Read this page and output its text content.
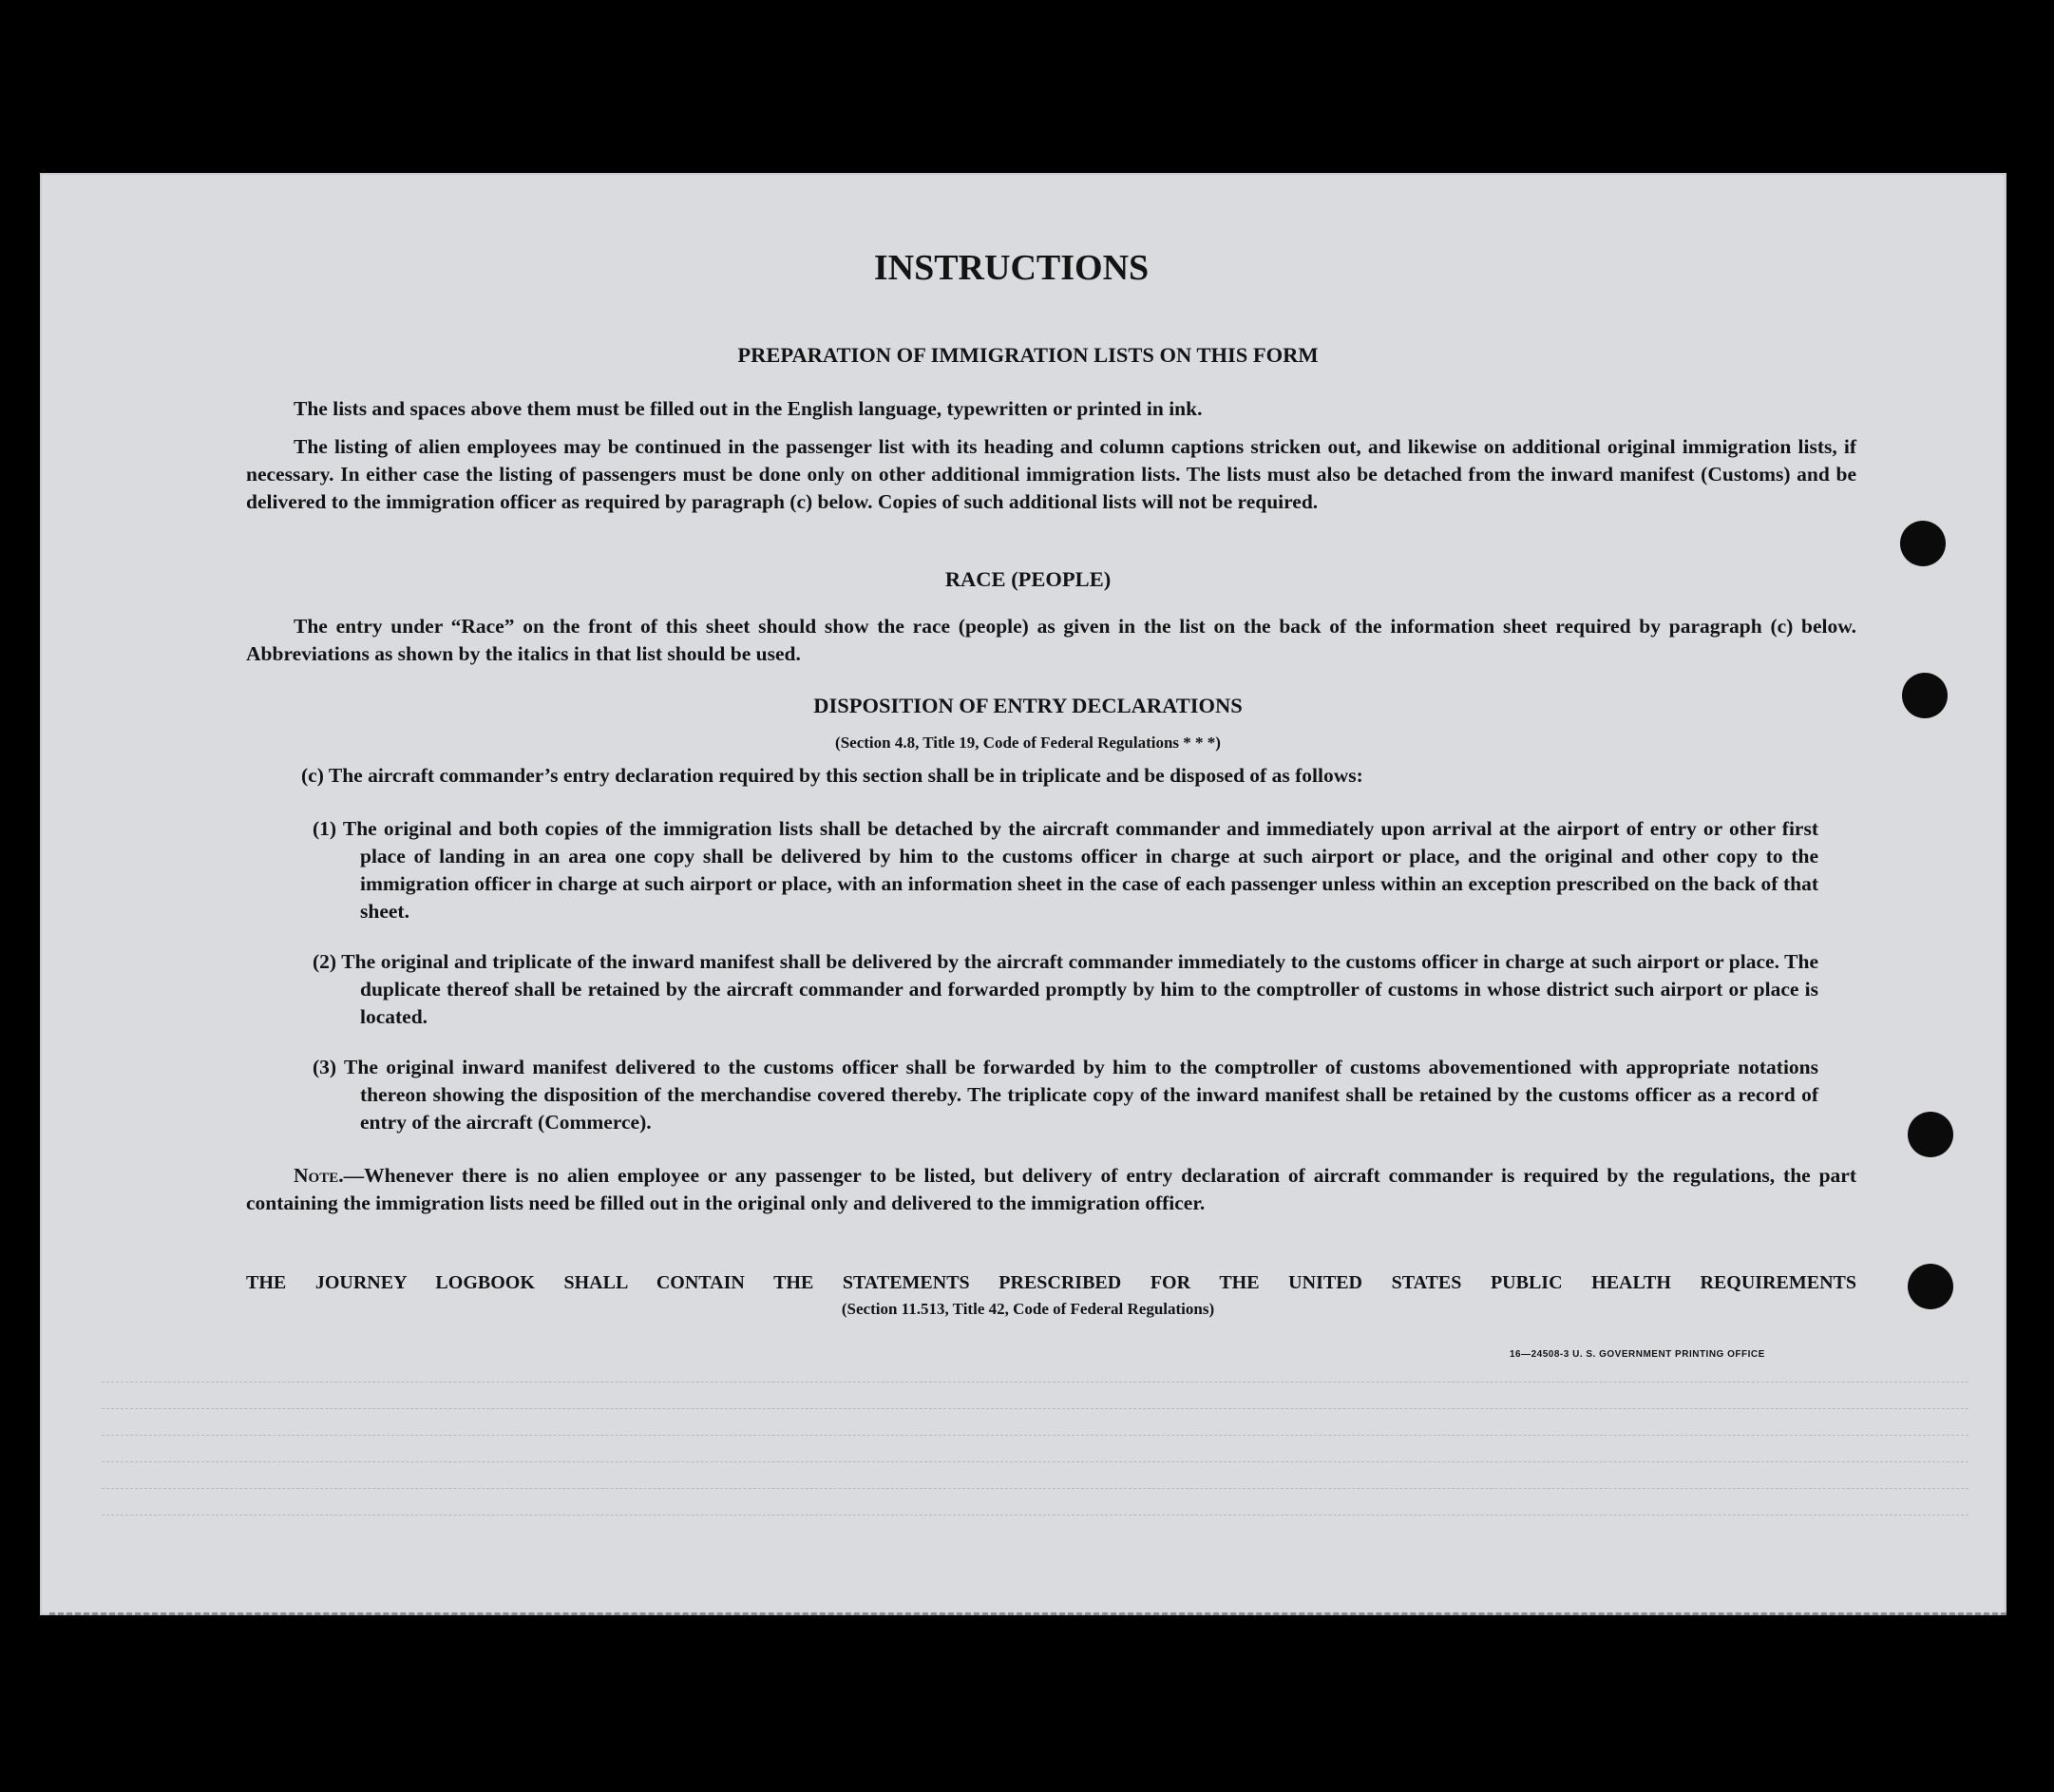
INSTRUCTIONS
PREPARATION OF IMMIGRATION LISTS ON THIS FORM
The lists and spaces above them must be filled out in the English language, typewritten or printed in ink.
The listing of alien employees may be continued in the passenger list with its heading and column captions stricken out, and likewise on additional original immigration lists, if necessary. In either case the listing of passengers must be done only on other additional immigration lists. The lists must also be detached from the inward manifest (Customs) and be delivered to the immigration officer as required by paragraph (c) below. Copies of such additional lists will not be required.
RACE (PEOPLE)
The entry under “Race” on the front of this sheet should show the race (people) as given in the list on the back of the information sheet required by paragraph (c) below. Abbreviations as shown by the italics in that list should be used.
DISPOSITION OF ENTRY DECLARATIONS
(Section 4.8, Title 19, Code of Federal Regulations * * *)
(c) The aircraft commander’s entry declaration required by this section shall be in triplicate and be disposed of as follows:
(1) The original and both copies of the immigration lists shall be detached by the aircraft commander and immediately upon arrival at the airport of entry or other first place of landing in an area one copy shall be delivered by him to the customs officer in charge at such airport or place, and the original and other copy to the immigration officer in charge at such airport or place, with an information sheet in the case of each passenger unless within an exception prescribed on the back of that sheet.
(2) The original and triplicate of the inward manifest shall be delivered by the aircraft commander immediately to the customs officer in charge at such airport or place. The duplicate thereof shall be retained by the aircraft commander and forwarded promptly by him to the comptroller of customs in whose district such airport or place is located.
(3) The original inward manifest delivered to the customs officer shall be forwarded by him to the comptroller of customs abovementioned with appropriate notations thereon showing the disposition of the merchandise covered thereby. The triplicate copy of the inward manifest shall be retained by the customs officer as a record of entry of the aircraft (Commerce).
Note.—Whenever there is no alien employee or any passenger to be listed, but delivery of entry declaration of aircraft commander is required by the regulations, the part containing the immigration lists need be filled out in the original only and delivered to the immigration officer.
THE JOURNEY LOGBOOK SHALL CONTAIN THE STATEMENTS PRESCRIBED FOR THE UNITED STATES PUBLIC HEALTH REQUIREMENTS
(Section 11.513, Title 42, Code of Federal Regulations)
16—24508-3 U. S. GOVERNMENT PRINTING OFFICE
